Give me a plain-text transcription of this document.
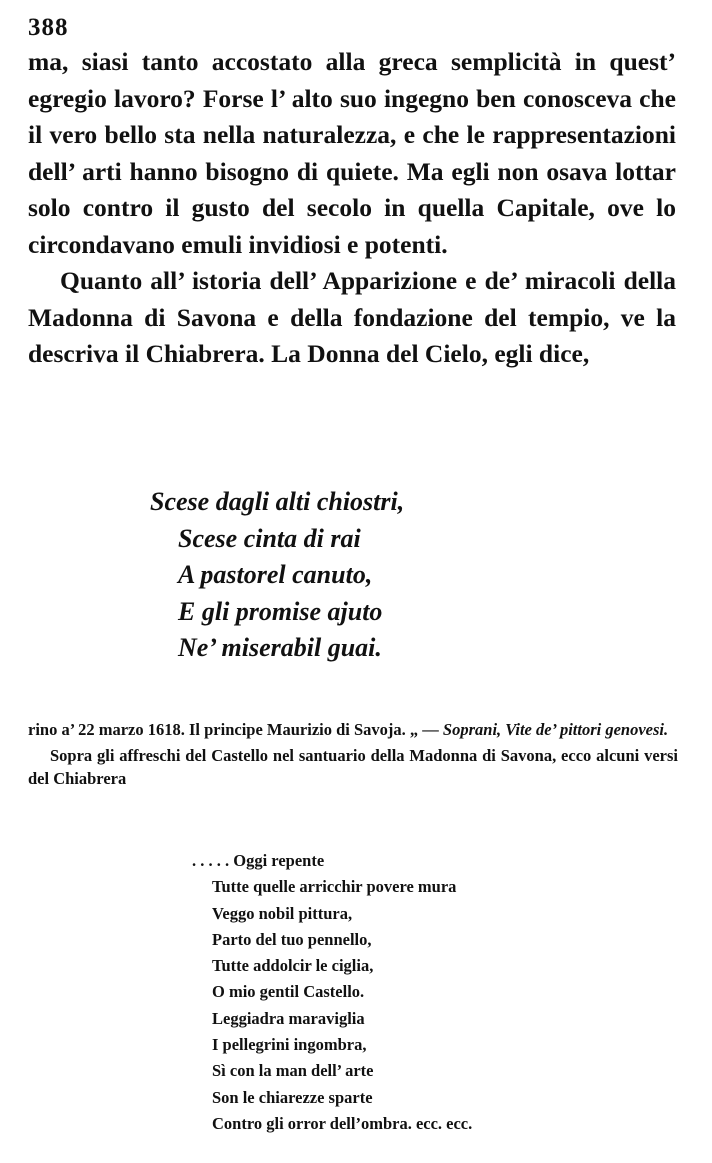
388

ma, siasi tanto accostato alla greca semplicità in quest’ egregio lavoro? Forse l’ alto suo ingegno ben conosceva che il vero bello sta nella naturalezza, e che le rappresentazioni dell’ arti hanno bisogno di quiete. Ma egli non osava lottar solo contro il gusto del secolo in quella Capitale, ove lo circondavano emuli invidiosi e potenti.

Quanto all’ istoria dell’ Apparizione e de’ miracoli della Madonna di Savona e della fondazione del tempio, ve la descriva il Chiabrera. La Donna del Cielo, egli dice,

Scese dagli alti chiostri,
Scese cinta di rai
A pastorel canuto,
E gli promise ajuto
Ne’ miserabil guai.

rino a’ 22 marzo 1618. Il principe Maurizio di Savoja. „ — Soprani, Vite de’ pittori genovesi.

Sopra gli affreschi del Castello nel santuario della Madonna di Savona, ecco alcuni versi del Chiabrera

. . . . . Oggi repente
Tutte quelle arricchir povere mura
Veggo nobil pittura,
Parto del tuo pennello,
Tutte addolcir le ciglia,
O mio gentil Castello.
Leggiadra maraviglia
I pellegrini ingombra,
Sì con la man dell’ arte
Son le chiarezze sparte
Contro gli orror dell’ombra. ecc. ecc.
